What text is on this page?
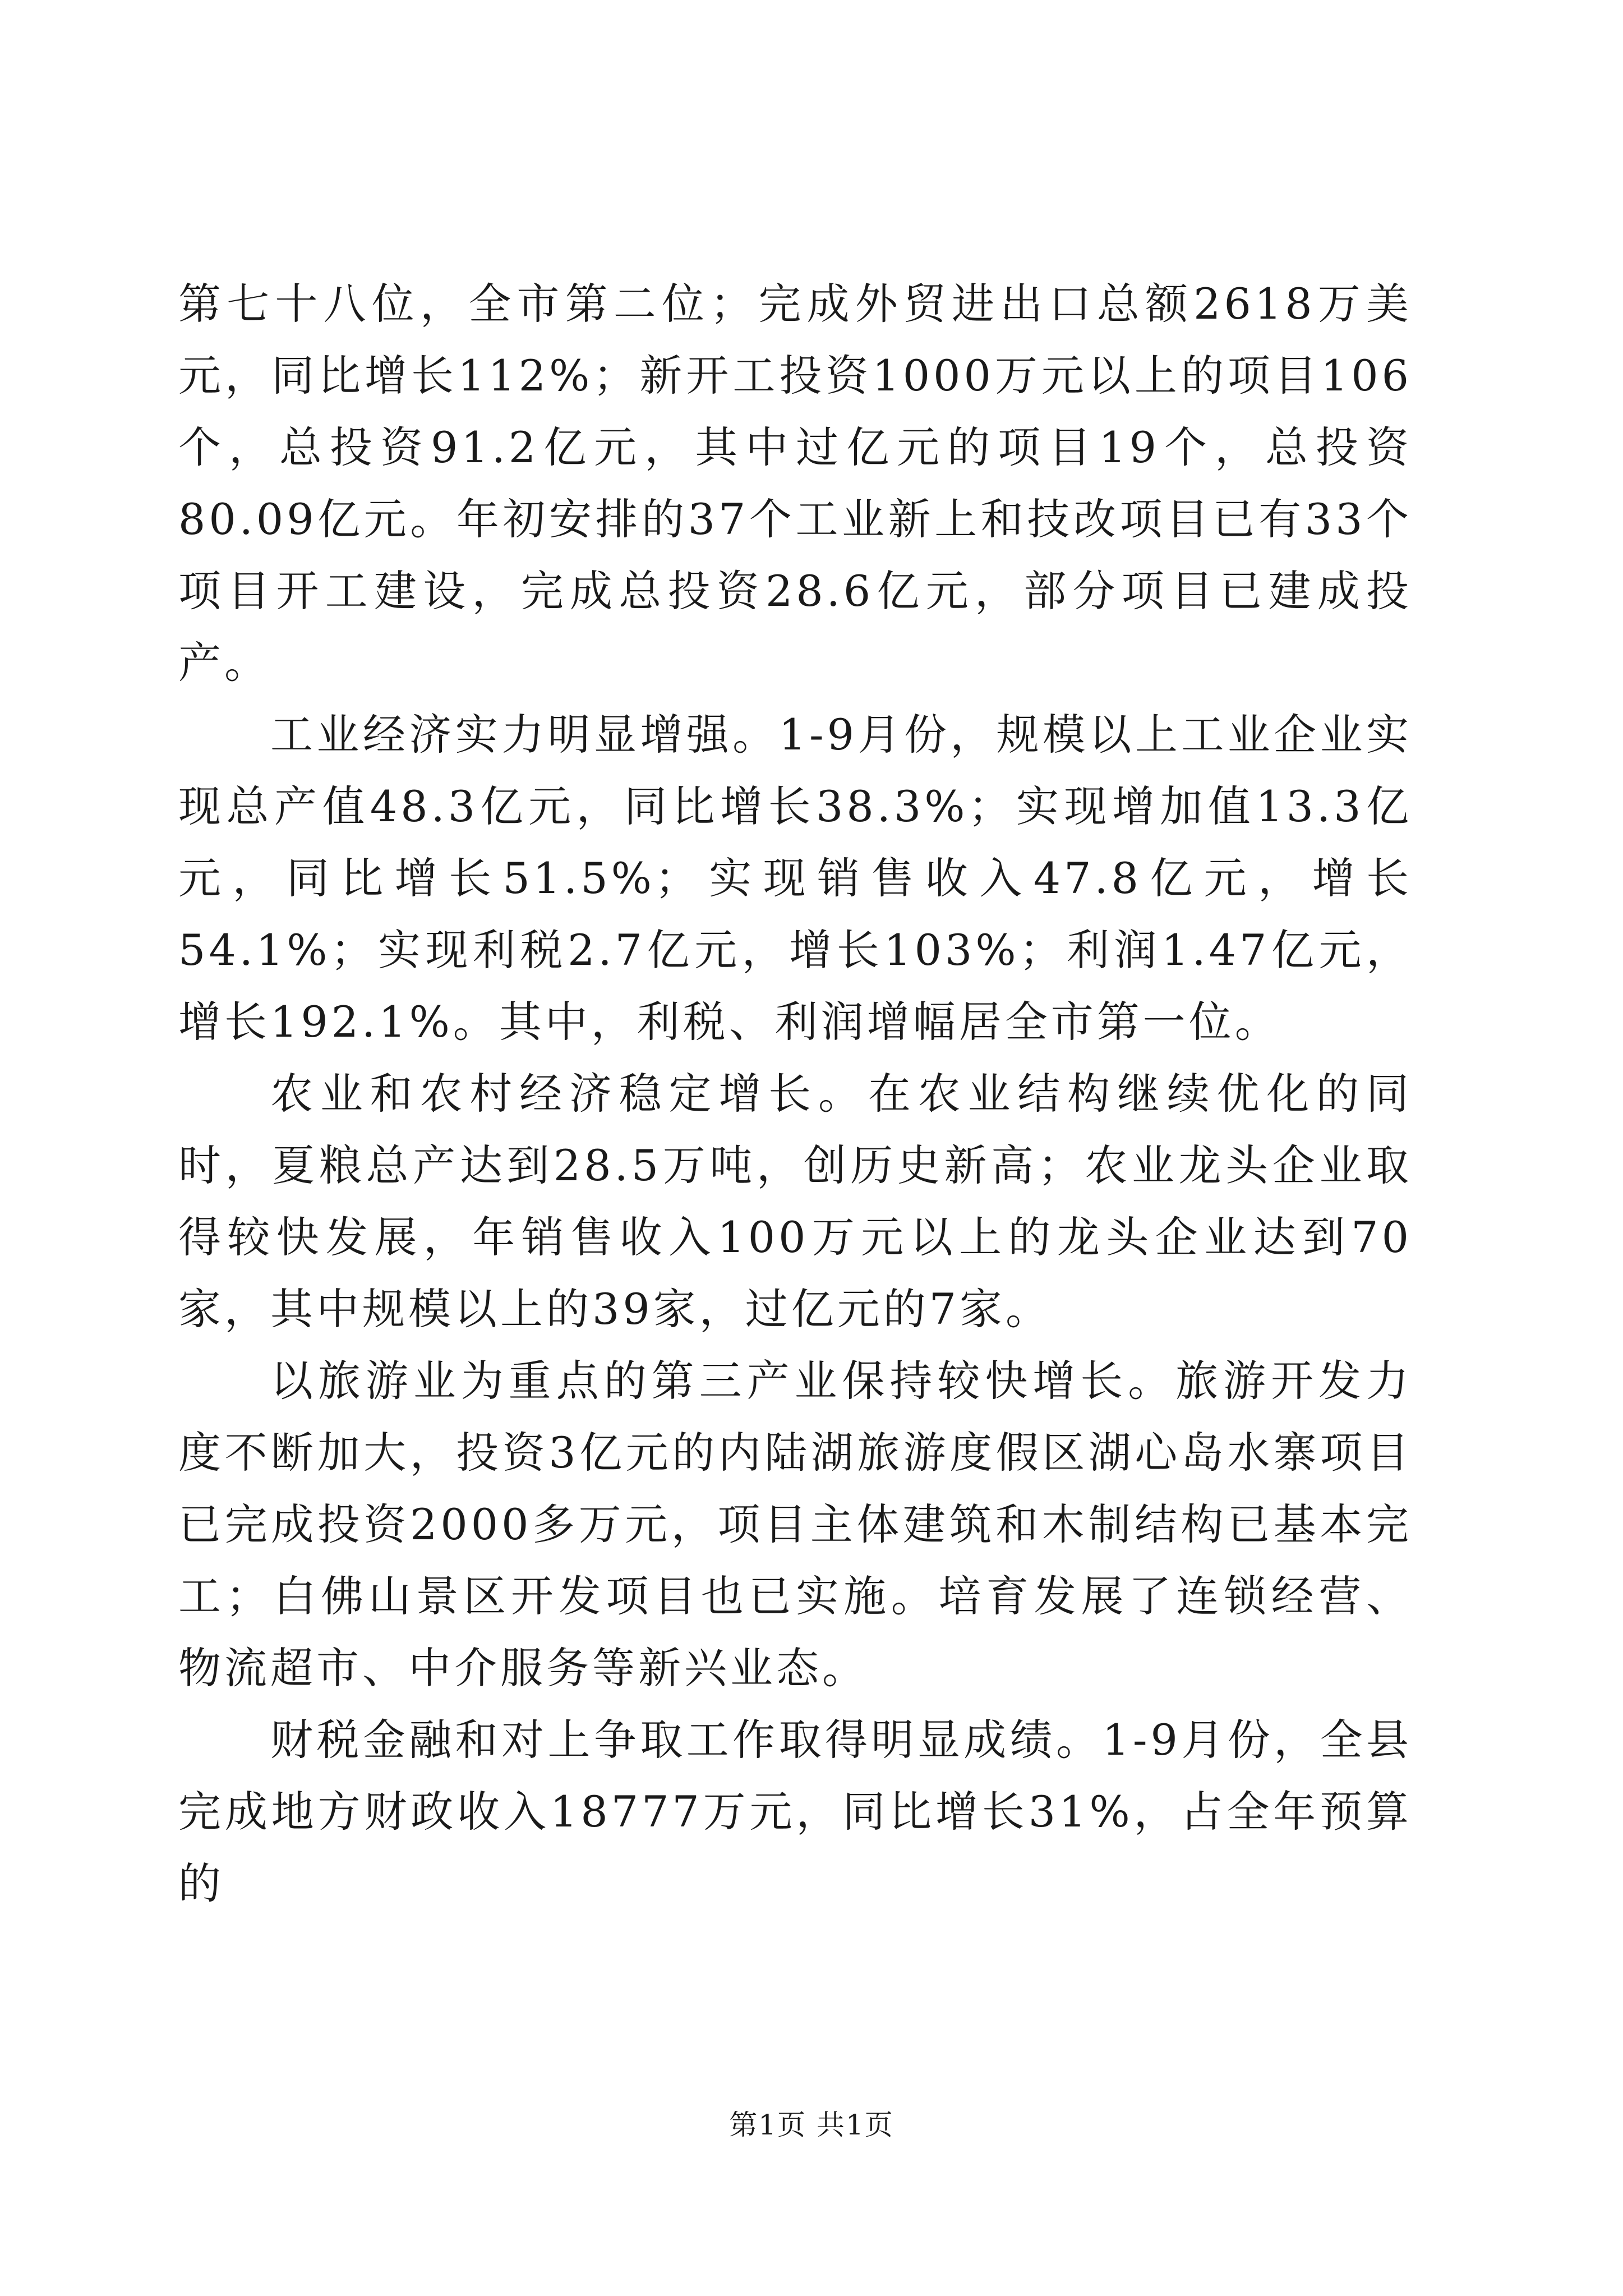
第七十八位，全市第二位；完成外贸进出口总额2618万美元，同比增长112%；新开工投资1000万元以上的项目106个，总投资91.2亿元，其中过亿元的项目19个，总投资80.09亿元。年初安排的37个工业新上和技改项目已有33个项目开工建设，完成总投资28.6亿元，部分项目已建成投产。

工业经济实力明显增强。1-9月份，规模以上工业企业实现总产值48.3亿元，同比增长38.3%；实现增加值13.3亿元，同比增长51.5%；实现销售收入47.8亿元，增长54.1%；实现利税2.7亿元，增长103%；利润1.47亿元，增长192.1%。其中，利税、利润增幅居全市第一位。

农业和农村经济稳定增长。在农业结构继续优化的同时，夏粮总产达到28.5万吨，创历史新高；农业龙头企业取得较快发展，年销售收入100万元以上的龙头企业达到70家，其中规模以上的39家，过亿元的7家。

以旅游业为重点的第三产业保持较快增长。旅游开发力度不断加大，投资3亿元的内陆湖旅游度假区湖心岛水寨项目已完成投资2000多万元，项目主体建筑和木制结构已基本完工；白佛山景区开发项目也已实施。培育发展了连锁经营、物流超市、中介服务等新兴业态。

财税金融和对上争取工作取得明显成绩。1-9月份，全县完成地方财政收入18777万元，同比增长31%，占全年预算的

第1页 共1页
